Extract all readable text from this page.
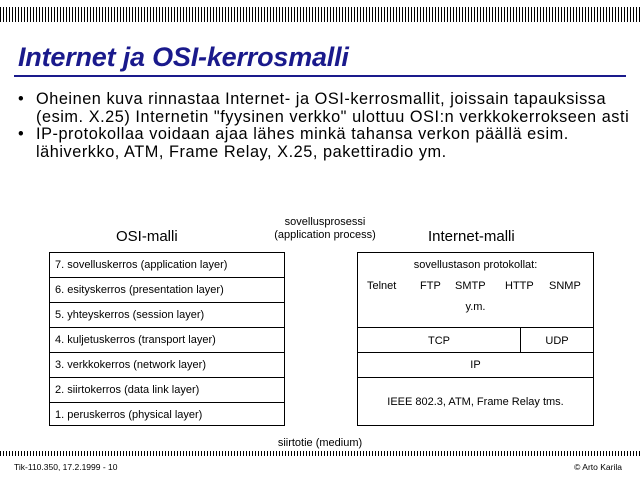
Internet ja OSI-kerrosmalli
• Oheinen kuva rinnastaa Internet- ja OSI-kerrosmallit, joissain tapauksissa (esim. X.25) Internetin "fyysinen verkko" ulottuu OSI:n verkkokerrokseen asti
• IP-protokollaa voidaan ajaa lähes minkä tahansa verkon päällä esim. lähiverkko, ATM, Frame Relay, X.25, pakettiradio ym.
OSI-malli
sovellusprosessi
(application process)	Internet-malli
7. sovelluskerros (application layer)
6. esityskerros (presentation layer)
5. yhteyskerros (session layer)
4. kuljetuskerros (transport layer)
3. verkkokerros (network layer)
2. siirtokerros (data link layer)
1. peruskerros (physical layer)
sovellustason protokollat:
Telnet FTP SMTP HTTP SNMP
y.m.
TCP	UDP
IP
IEEE 802.3, ATM, Frame Relay tms.
siirtotie (medium)
Tik-110.350, 17.2.1999 - 10	© Arto Karila
